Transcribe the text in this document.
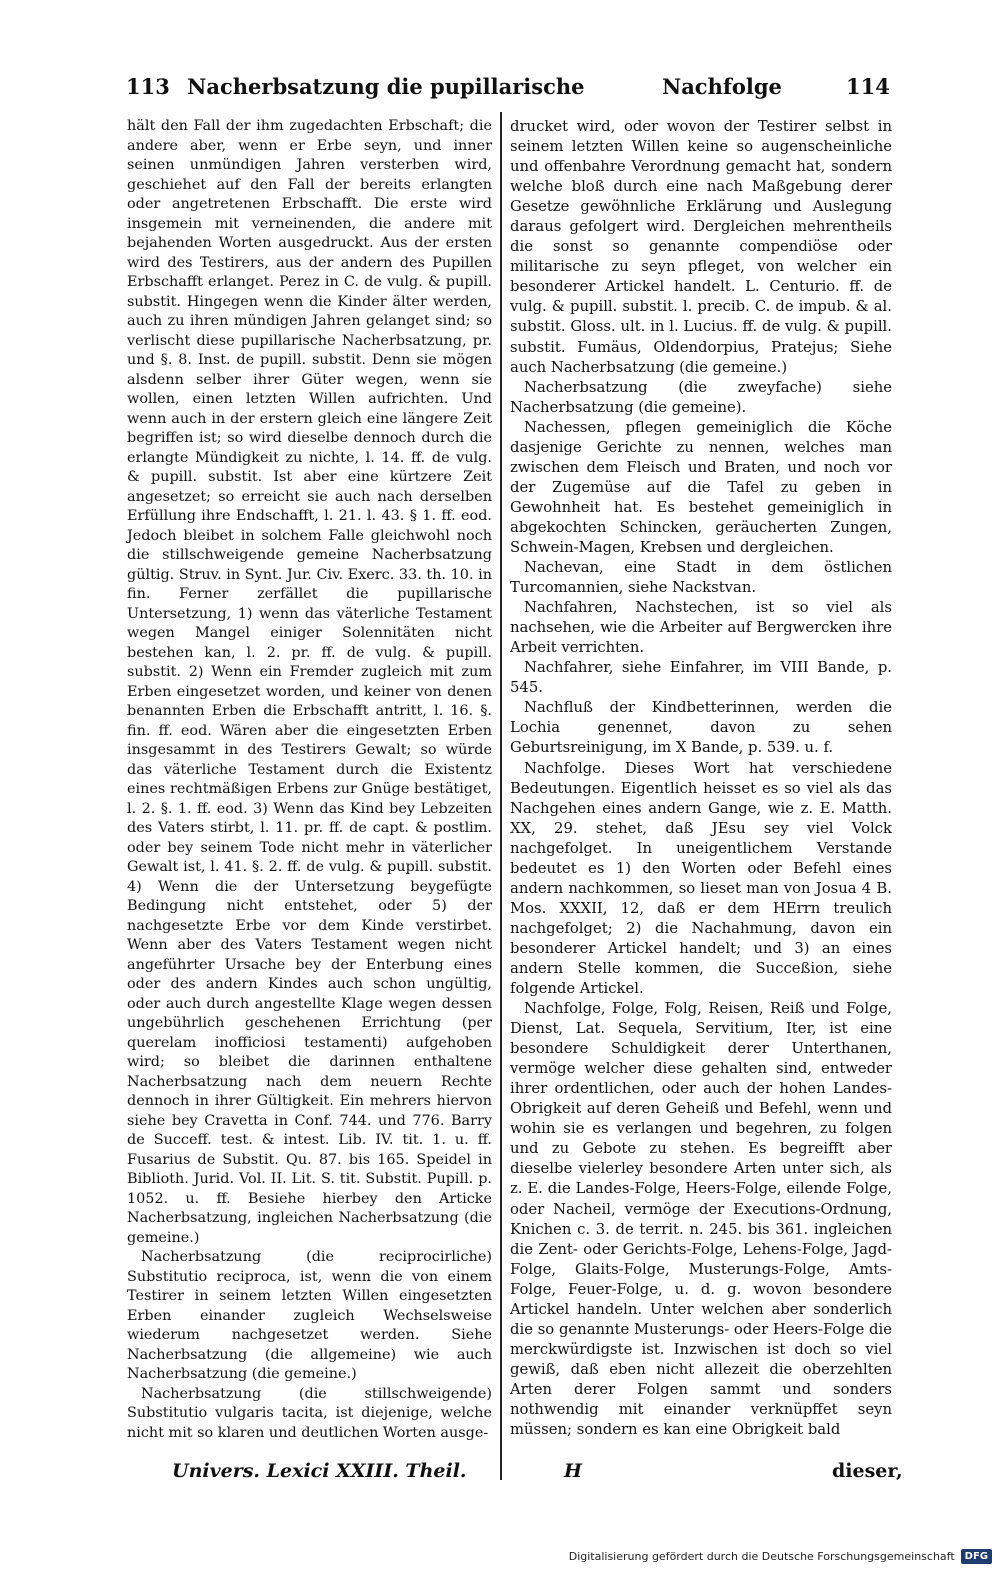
113 Nacherbsatzung die pupillarische	Nachfolge	114

hält den Fall der ihm zugedachten Erbschaft; die andere aber, wenn er Erbe seyn, und inner seinen unmündigen Jahren versterben wird, geschiehet auf den Fall der bereits erlangten oder angetretenen Erbschafft. Die erste wird insgemein mit verneinenden, die andere mit bejahenden Worten ausgedruckt. Aus der ersten wird des Testirers, aus der andern des Pupillen Erbschafft erlanget. Perez in C. de vulg. & pupill. substit. Hingegen wenn die Kinder älter werden, auch zu ihren mündigen Jahren gelanget sind; so verlischt diese pupillarische Nacherbsatzung, pr. und §. 8. Inst. de pupill. substit. Denn sie mögen alsdenn selber ihrer Güter wegen, wenn sie wollen, einen letzten Willen aufrichten. Und wenn auch in der erstern gleich eine längere Zeit begriffen ist; so wird dieselbe dennoch durch die erlangte Mündigkeit zu nichte, l. 14. ff. de vulg. & pupill. substit. Ist aber eine kürtzere Zeit angesetzet; so erreicht sie auch nach derselben Erfüllung ihre Endschafft, l. 21. l. 43. § 1. ff. eod. Jedoch bleibet in solchem Falle gleichwohl noch die stillschweigende gemeine Nacherbsatzung gültig. Struv. in Synt. Jur. Civ. Exerc. 33. th. 10. in fin. Ferner zerfället die pupillarische Untersetzung, 1) wenn das väterliche Testament wegen Mangel einiger Solennitäten nicht bestehen kan, l. 2. pr. ff. de vulg. & pupill. substit. 2) Wenn ein Fremder zugleich mit zum Erben eingesetzet worden, und keiner von denen benannten Erben die Erbschafft antritt, l. 16. §. fin. ff. eod. Wären aber die eingesetzten Erben insgesammt in des Testirers Gewalt; so würde das väterliche Testament durch die Existentz eines rechtmäßigen Erbens zur Gnüge bestätiget, l. 2. §. 1. ff. eod. 3) Wenn das Kind bey Lebzeiten des Vaters stirbt, l. 11. pr. ff. de capt. & postlim. oder bey seinem Tode nicht mehr in väterlicher Gewalt ist, l. 41. §. 2. ff. de vulg. & pupill. substit. 4) Wenn die der Untersetzung beygefügte Bedingung nicht entstehet, oder 5) der nachgesetzte Erbe vor dem Kinde verstirbet. Wenn aber des Vaters Testament wegen nicht angeführter Ursache bey der Enterbung eines oder des andern Kindes auch schon ungültig, oder auch durch angestellte Klage wegen dessen ungebührlich geschehenen Errichtung (per querelam inofficiosi testamenti) aufgehoben wird; so bleibet die darinnen enthaltene Nacherbsatzung nach dem neuern Rechte dennoch in ihrer Gültigkeit. Ein mehrers hiervon siehe bey Cravetta in Conf. 744. und 776. Barry de Succeff. test. & intest. Lib. IV. tit. 1. u. ff. Fusarius de Substit. Qu. 87. bis 165. Speidel in Biblioth. Jurid. Vol. II. Lit. S. tit. Substit. Pupill. p. 1052. u. ff. Besiehe hierbey den Articke Nacherbsatzung, ingleichen Nacherbsatzung (die gemeine.)

Nacherbsatzung (die reciprocirliche) Substitutio reciproca, ist, wenn die von einem Testirer in seinem letzten Willen eingesetzten Erben einander zugleich Wechselsweise wiederum nachgesetzet werden. Siehe Nacherbsatzung (die allgemeine) wie auch Nacherbsatzung (die gemeine.)

Nacherbsatzung (die stillschweigende) Substitutio vulgaris tacita, ist diejenige, welche nicht mit so klaren und deutlichen Worten ausge-

drucket wird, oder wovon der Testirer selbst in seinem letzten Willen keine so augenscheinliche und offenbahre Verordnung gemacht hat, sondern welche bloß durch eine nach Maßgebung derer Gesetze gewöhnliche Erklärung und Auslegung daraus gefolgert wird. Dergleichen mehrentheils die sonst so genannte compendiöse oder militarische zu seyn pfleget, von welcher ein besonderer Artickel handelt. L. Centurio. ff. de vulg. & pupill. substit. l. precib. C. de impub. & al. substit. Gloss. ult. in l. Lucius. ff. de vulg. & pupill. substit. Fumäus, Oldendorpius, Pratejus; Siehe auch Nacherbsatzung (die gemeine.)

Nacherbsatzung (die zweyfache) siehe Nacherbsatzung (die gemeine).

Nachessen, pflegen gemeiniglich die Köche dasjenige Gerichte zu nennen, welches man zwischen dem Fleisch und Braten, und noch vor der Zugemüse auf die Tafel zu geben in Gewohnheit hat. Es bestehet gemeiniglich in abgekochten Schincken, geräucherten Zungen, Schwein-Magen, Krebsen und dergleichen.

Nachevan, eine Stadt in dem östlichen Turcomannien, siehe Nackstvan.

Nachfahren, Nachstechen, ist so viel als nachsehen, wie die Arbeiter auf Bergwercken ihre Arbeit verrichten.

Nachfahrer, siehe Einfahrer, im VIII Bande, p. 545.

Nachfluß der Kindbetterinnen, werden die Lochia genennet, davon zu sehen Geburtsreinigung, im X Bande, p. 539. u. f.

Nachfolge. Dieses Wort hat verschiedene Bedeutungen. Eigentlich heisset es so viel als das Nachgehen eines andern Gange, wie z. E. Matth. XX, 29. stehet, daß JEsu sey viel Volck nachgefolget. In uneigentlichem Verstande bedeutet es 1) den Worten oder Befehl eines andern nachkommen, so lieset man von Josua 4 B. Mos. XXXII, 12, daß er dem HErrn treulich nachgefolget; 2) die Nachahmung, davon ein besonderer Artickel handelt; und 3) an eines andern Stelle kommen, die Succeßion, siehe folgende Artickel.

Nachfolge, Folge, Folg, Reisen, Reiß und Folge, Dienst, Lat. Sequela, Servitium, Iter, ist eine besondere Schuldigkeit derer Unterthanen, vermöge welcher diese gehalten sind, entweder ihrer ordentlichen, oder auch der hohen Landes-Obrigkeit auf deren Geheiß und Befehl, wenn und wohin sie es verlangen und begehren, zu folgen und zu Gebote zu stehen. Es begreifft aber dieselbe vielerley besondere Arten unter sich, als z. E. die Landes-Folge, Heers-Folge, eilende Folge, oder Nacheil, vermöge der Executions-Ordnung, Knichen c. 3. de territ. n. 245. bis 361. ingleichen die Zent- oder Gerichts-Folge, Lehens-Folge, Jagd-Folge, Glaits-Folge, Musterungs-Folge, Amts-Folge, Feuer-Folge, u. d. g. wovon besondere Artickel handeln. Unter welchen aber sonderlich die so genannte Musterungs- oder Heers-Folge die merckwürdigste ist. Inzwischen ist doch so viel gewiß, daß eben nicht allezeit die oberzehlten Arten derer Folgen sammt und sonders nothwendig mit einander verknüpffet seyn müssen; sondern es kan eine Obrigkeit bald

Univers. Lexici XXIII. Theil.	H	dieser,
Digitalisierung gefördert durch die Deutsche Forschungsgemeinschaft	DFG
